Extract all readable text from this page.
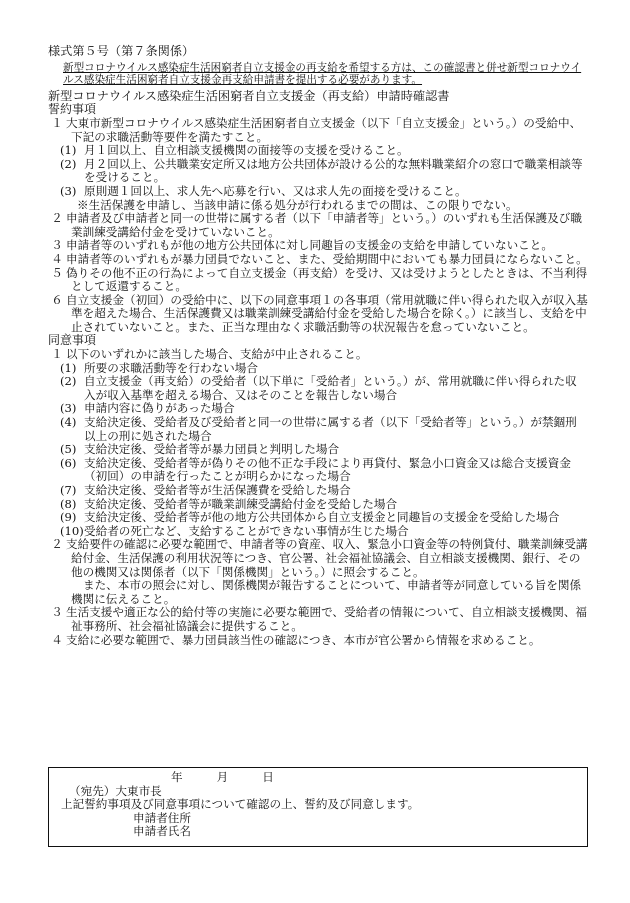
様式第５号（第７条関係）
新型コロナウイルス感染症生活困窮者自立支援金の再支給を希望する方は、この確認書と併せ新型コロナウイルス感染症生活困窮者自立支援金再支給申請書を提出する必要があります。
新型コロナウイルス感染症生活困窮者自立支援金（再支給）申請時確認書
誓約事項
１ 大東市新型コロナウイルス感染症生活困窮者自立支援金（以下「自立支援金」という。）の受給中、下記の求職活動等要件を満たすこと。
(1) 月１回以上、自立相談支援機関の面接等の支援を受けること。
(2) 月２回以上、公共職業安定所又は地方公共団体が設ける公的な無料職業紹介の窓口で職業相談等を受けること。
(3) 原則週１回以上、求人先へ応募を行い、又は求人先の面接を受けること。
※生活保護を申請し、当該申請に係る処分が行われるまでの間は、この限りでない。
２ 申請者及び申請者と同一の世帯に属する者（以下「申請者等」という。）のいずれも生活保護及び職業訓練受講給付金を受けていないこと。
３ 申請者等のいずれもが他の地方公共団体に対し同趣旨の支援金の支給を申請していないこと。
４ 申請者等のいずれもが暴力団員でないこと、また、受給期間中においても暴力団員にならないこと。
５ 偽りその他不正の行為によって自立支援金（再支給）を受け、又は受けようとしたときは、不当利得として返還すること。
６ 自立支援金（初回）の受給中に、以下の同意事項１の各事項（常用就職に伴い得られた収入が収入基準を超えた場合、生活保護費又は職業訓練受講給付金を受給した場合を除く。）に該当し、支給を中止されていないこと。また、正当な理由なく求職活動等の状況報告を怠っていないこと。
同意事項
１ 以下のいずれかに該当した場合、支給が中止されること。
(1) 所要の求職活動等を行わない場合
(2) 自立支援金（再支給）の受給者（以下単に「受給者」という。）が、常用就職に伴い得られた収入が収入基準を超える場合、又はそのことを報告しない場合
(3) 申請内容に偽りがあった場合
(4) 支給決定後、受給者及び受給者と同一の世帯に属する者（以下「受給者等」という。）が禁錮刑以上の刑に処された場合
(5) 支給決定後、受給者等が暴力団員と判明した場合
(6) 支給決定後、受給者等が偽りその他不正な手段により再貸付、緊急小口資金又は総合支援資金（初回）の申請を行ったことが明らかになった場合
(7) 支給決定後、受給者等が生活保護費を受給した場合
(8) 支給決定後、受給者等が職業訓練受講給付金を受給した場合
(9) 支給決定後、受給者等が他の地方公共団体から自立支援金と同趣旨の支援金を受給した場合
(10)受給者の死亡など、支給することができない事情が生じた場合
２ 支給要件の確認に必要な範囲で、申請者等の資産、収入、緊急小口資金等の特例貸付、職業訓練受講給付金、生活保護の利用状況等につき、官公署、社会福祉協議会、自立相談支援機関、銀行、その他の機関又は関係者（以下「関係機関」という。）に照会すること。
また、本市の照会に対し、関係機関が報告することについて、申請者等が同意している旨を関係機関に伝えること。
３ 生活支援や適正な公的給付等の実施に必要な範囲で、受給者の情報について、自立相談支援機関、福祉事務所、社会福祉協議会に提供すること。
４ 支給に必要な範囲で、暴力団員該当性の確認につき、本市が官公署から情報を求めること。
年	月	日
（宛先）大東市長
上記誓約事項及び同意事項について確認の上、誓約及び同意します。
申請者住所
申請者氏名
